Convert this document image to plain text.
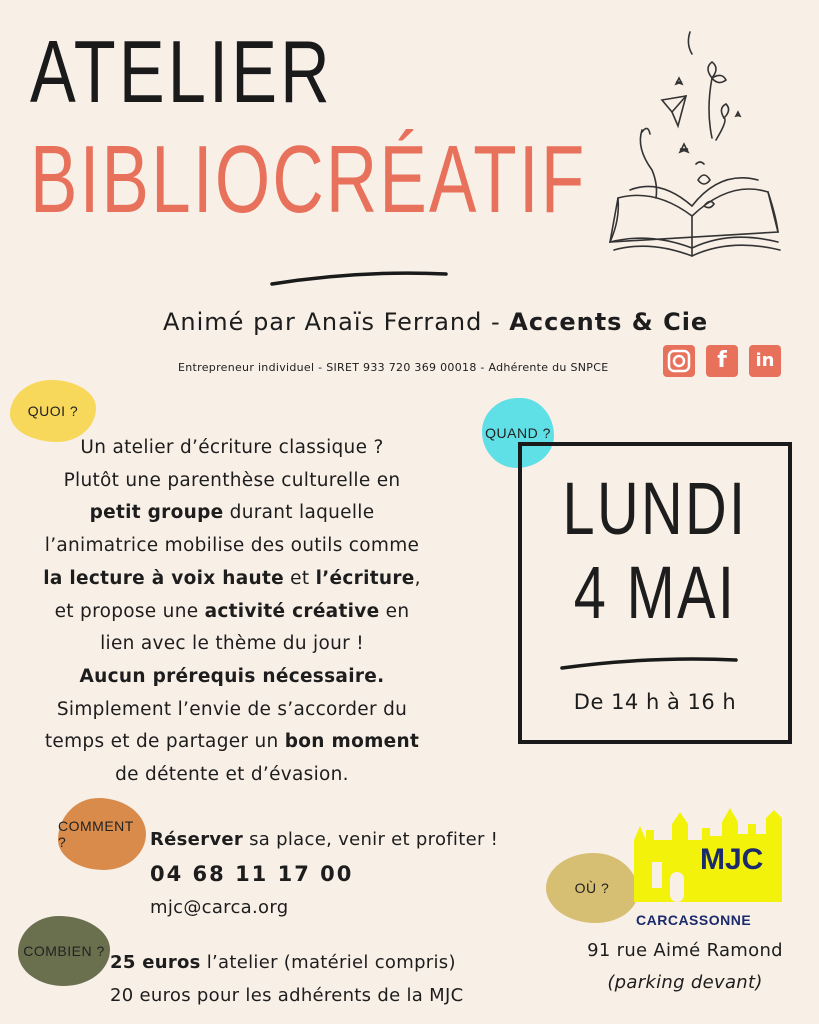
ATELIER
BIBLIOCRÉATIF
Animé par Anaïs Ferrand - Accents & Cie
Entrepreneur individuel - SIRET 933 720 369 00018 - Adhérente du SNPCE	f	in
QUOI ?

Un atelier d’écriture classique ?

Plutôt une parenthèse culturelle en

petit groupe durant laquelle

l’animatrice mobilise des outils comme

la lecture à voix haute et l’écriture,

et propose une activité créative en

lien avec le thème du jour !

Aucun prérequis nécessaire.

Simplement l’envie de s’accorder du

temps et de partager un bon moment

de détente et d’évasion.

QUAND ?
LUNDI
4 MAI
De 14 h à 16 h
COMMENT ?	Réserver sa place, venir et profiter !
04 68 11 17 00
mjc@carca.org
COMBIEN ?
25 euros l’atelier (matériel compris)
20 euros pour les adhérents de la MJC
OÙ ?
MJC
CARCASSONNE
91 rue Aimé Ramond
(parking devant)
